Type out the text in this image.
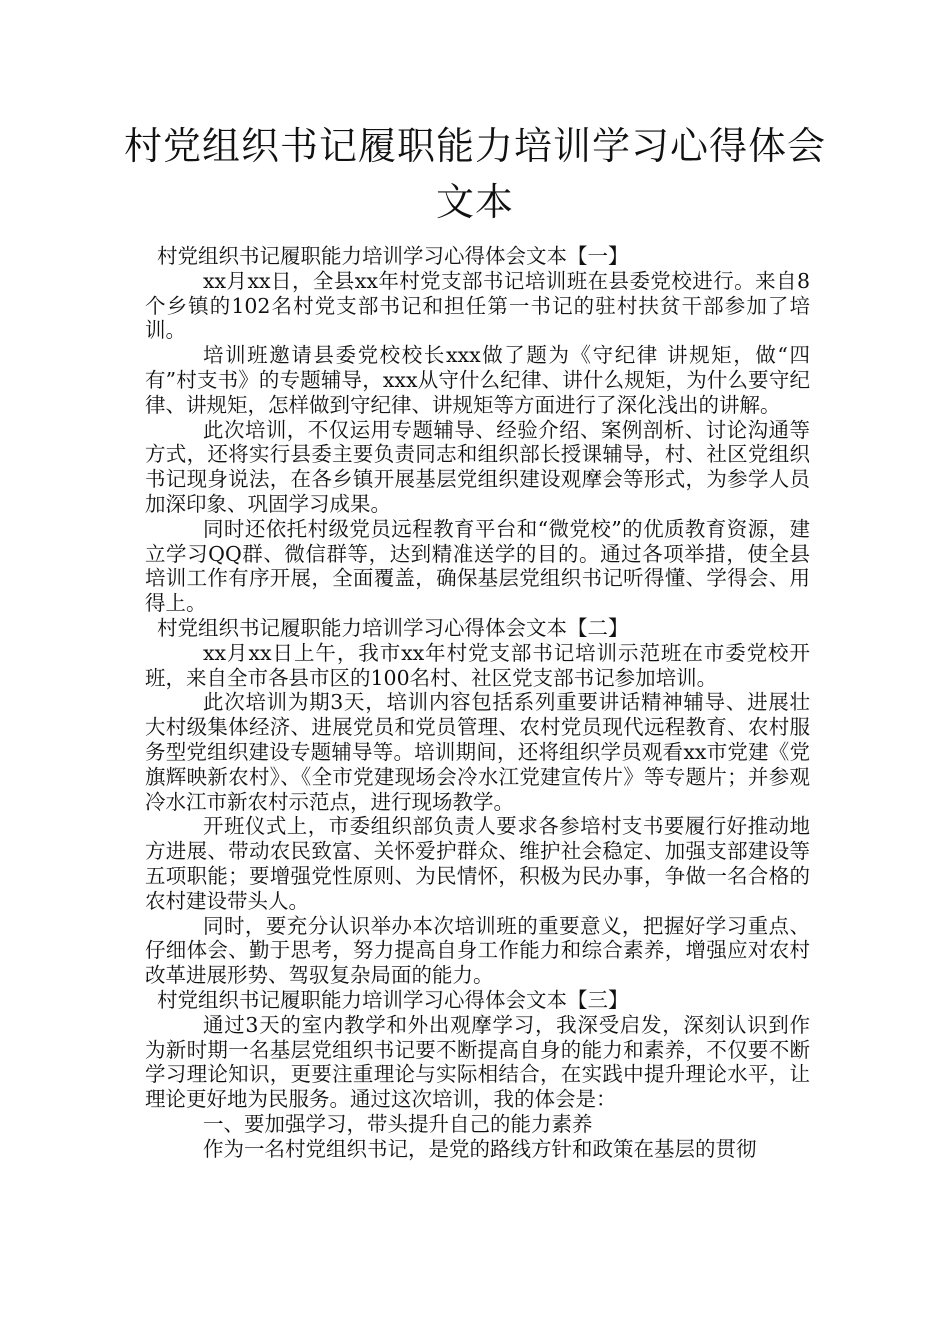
村党组织书记履职能力培训学习心得体会
文本

村党组织书记履职能力培训学习心得体会文本【一】

xx月xx日，全县xx年村党支部书记培训班在县委党校进行。来自8个乡镇的102名村党支部书记和担任第一书记的驻村扶贫干部参加了培训。

培训班邀请县委党校校长xxx做了题为《守纪律 讲规矩，做“四有”村支书》的专题辅导，xxx从守什么纪律、讲什么规矩，为什么要守纪律、讲规矩，怎样做到守纪律、讲规矩等方面进行了深化浅出的讲解。

此次培训，不仅运用专题辅导、经验介绍、案例剖析、讨论沟通等方式，还将实行县委主要负责同志和组织部长授课辅导，村、社区党组织书记现身说法，在各乡镇开展基层党组织建设观摩会等形式，为参学人员加深印象、巩固学习成果。

同时还依托村级党员远程教育平台和“微党校”的优质教育资源，建立学习QQ群、微信群等，达到精准送学的目的。通过各项举措，使全县培训工作有序开展，全面覆盖，确保基层党组织书记听得懂、学得会、用得上。

村党组织书记履职能力培训学习心得体会文本【二】

xx月xx日上午，我市xx年村党支部书记培训示范班在市委党校开班，来自全市各县市区的100名村、社区党支部书记参加培训。

此次培训为期3天，培训内容包括系列重要讲话精神辅导、进展壮大村级集体经济、进展党员和党员管理、农村党员现代远程教育、农村服务型党组织建设专题辅导等。培训期间，还将组织学员观看xx市党建《党旗辉映新农村》、《全市党建现场会冷水江党建宣传片》等专题片；并参观冷水江市新农村示范点，进行现场教学。

开班仪式上，市委组织部负责人要求各参培村支书要履行好推动地方进展、带动农民致富、关怀爱护群众、维护社会稳定、加强支部建设等五项职能；要增强党性原则、为民情怀，积极为民办事，争做一名合格的农村建设带头人。

同时，要充分认识举办本次培训班的重要意义，把握好学习重点、仔细体会、勤于思考，努力提高自身工作能力和综合素养，增强应对农村改革进展形势、驾驭复杂局面的能力。

村党组织书记履职能力培训学习心得体会文本【三】

通过3天的室内教学和外出观摩学习，我深受启发，深刻认识到作为新时期一名基层党组织书记要不断提高自身的能力和素养，不仅要不断学习理论知识，更要注重理论与实际相结合，在实践中提升理论水平，让理论更好地为民服务。通过这次培训，我的体会是：

一、要加强学习，带头提升自己的能力素养

作为一名村党组织书记，是党的路线方针和政策在基层的贯彻
